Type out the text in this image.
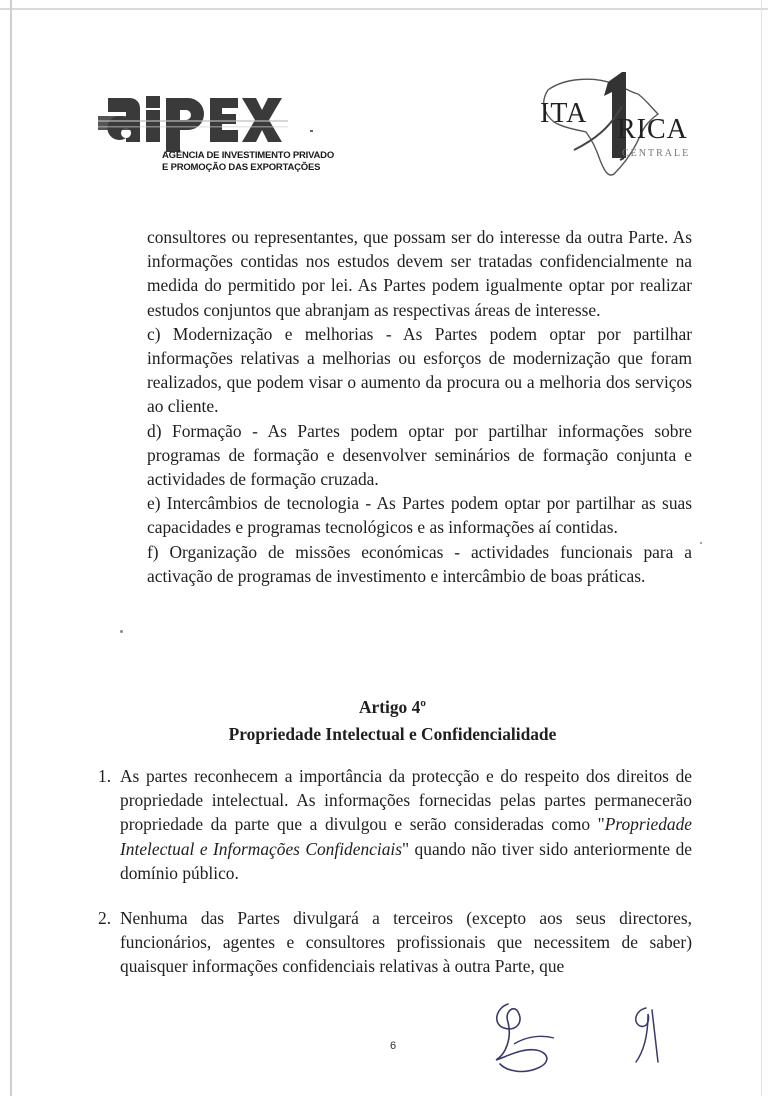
AGÊNCIA DE INVESTIMENTO PRIVADO
E PROMOÇÃO DAS EXPORTAÇÕES
ITA
RICA
CENTRALE

consultores ou representantes, que possam ser do interesse da outra Parte. As informações contidas nos estudos devem ser tratadas confidencialmente na medida do permitido por lei. As Partes podem igualmente optar por realizar estudos conjuntos que abranjam as respectivas áreas de interesse.

c) Modernização e melhorias - As Partes podem optar por partilhar informações relativas a melhorias ou esforços de modernização que foram realizados, que podem visar o aumento da procura ou a melhoria dos serviços ao cliente.

d) Formação - As Partes podem optar por partilhar informações sobre programas de formação e desenvolver seminários de formação conjunta e actividades de formação cruzada.

e) Intercâmbios de tecnologia - As Partes podem optar por partilhar as suas capacidades e programas tecnológicos e as informações aí contidas.

f) Organização de missões económicas - actividades funcionais para a activação de programas de investimento e intercâmbio de boas práticas.

Artigo 4º
Propriedade Intelectual e Confidencialidade
1. As partes reconhecem a importância da protecção e do respeito dos direitos de propriedade intelectual. As informações fornecidas pelas partes permanecerão propriedade da parte que a divulgou e serão consideradas como "Propriedade Intelectual e Informações Confidenciais" quando não tiver sido anteriormente de domínio público.
2. Nenhuma das Partes divulgará a terceiros (excepto aos seus directores, funcionários, agentes e consultores profissionais que necessitem de saber) quaisquer informações confidenciais relativas à outra Parte, que
6
